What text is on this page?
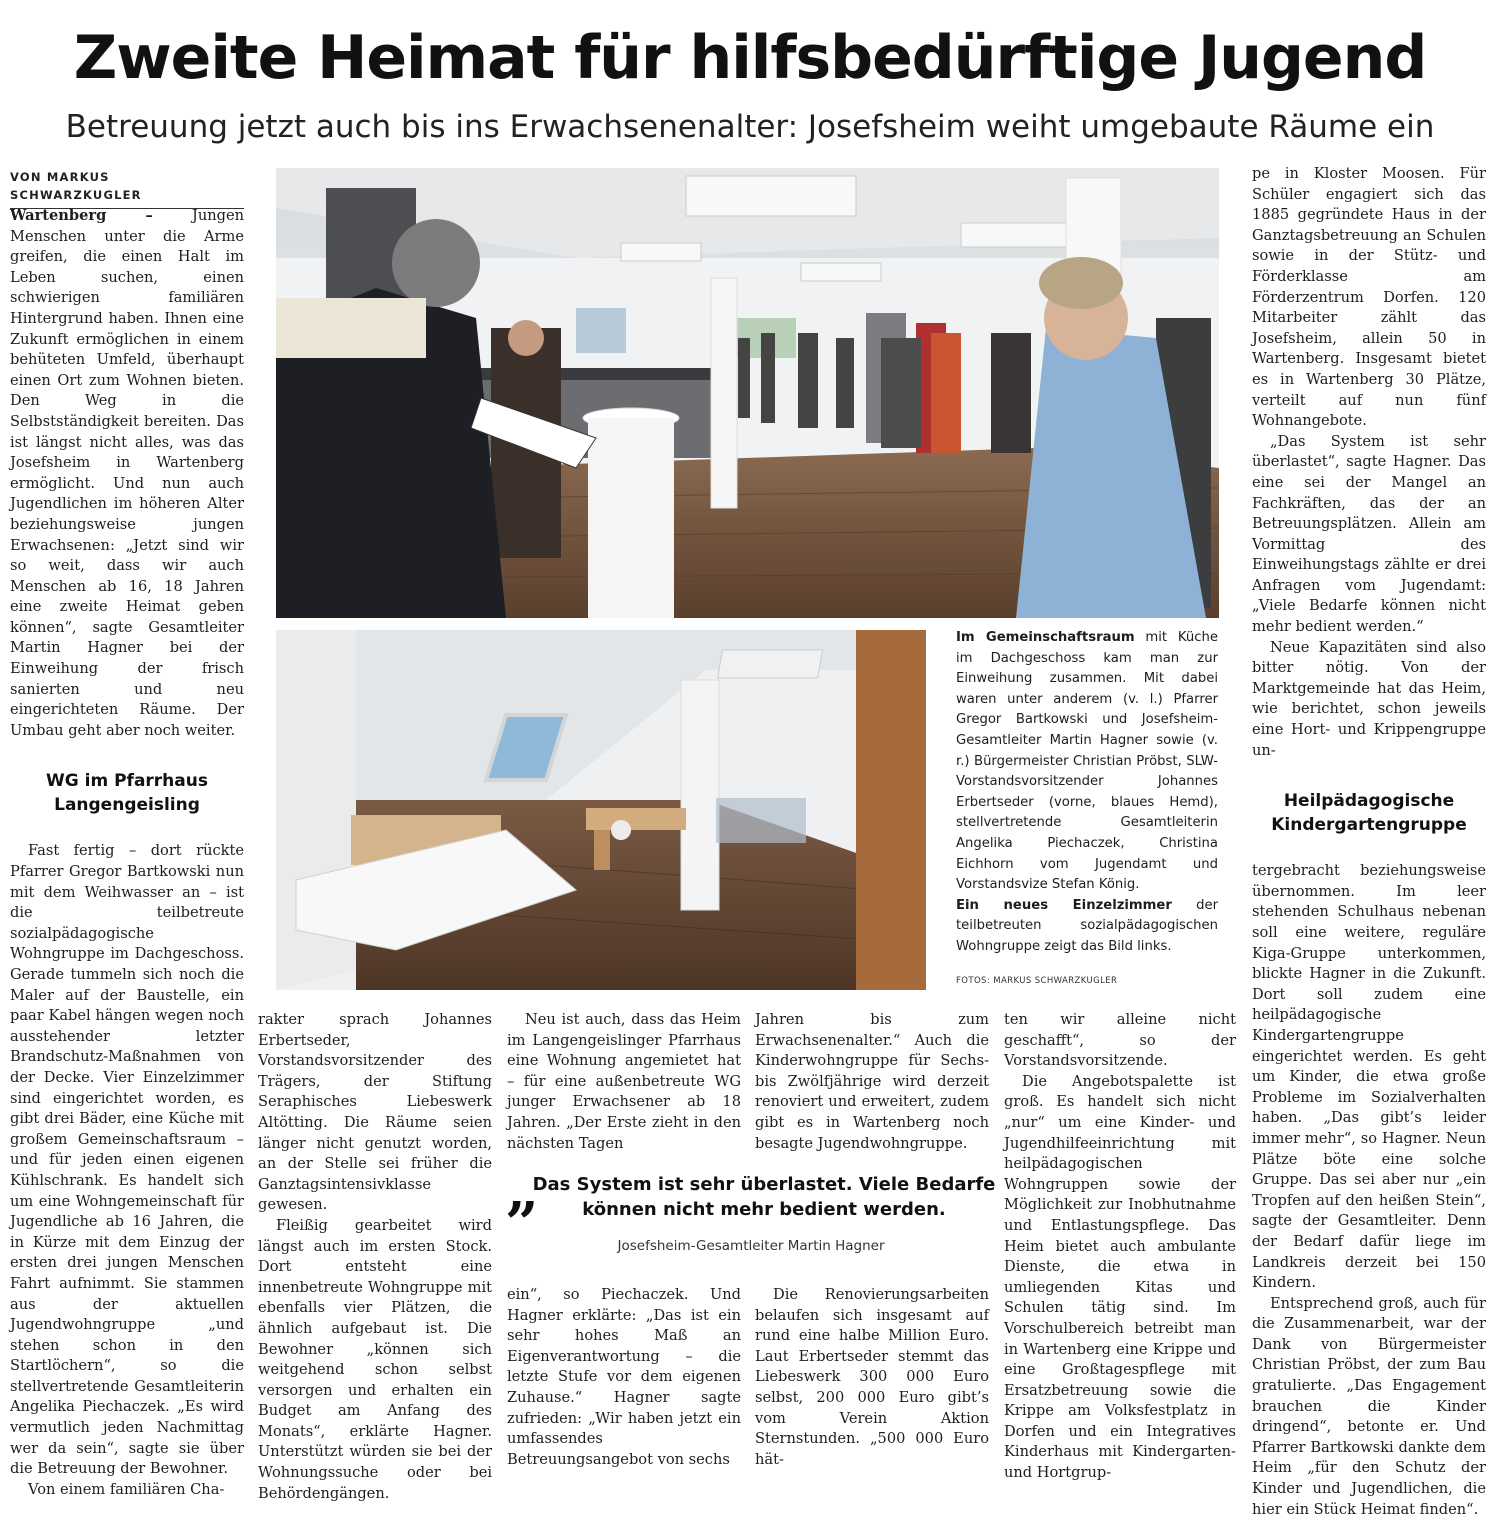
Zweite Heimat für hilfsbedürftige Jugend
Betreuung jetzt auch bis ins Erwachsenenalter: Josefsheim weiht umgebaute Räume ein
VON MARKUS SCHWARZKUGLER

Wartenberg – Jungen Menschen unter die Arme greifen, die einen Halt im Leben suchen, einen schwierigen familiären Hintergrund haben. Ihnen eine Zukunft ermöglichen in einem behüteten Umfeld, überhaupt einen Ort zum Wohnen bieten. Den Weg in die Selbstständigkeit bereiten. Das ist längst nicht alles, was das Josefsheim in Wartenberg ermöglicht. Und nun auch Jugendlichen im höheren Alter beziehungsweise jungen Erwachsenen: „Jetzt sind wir so weit, dass wir auch Menschen ab 16, 18 Jahren eine zweite Heimat geben können“, sagte Gesamtleiter Martin Hagner bei der Einweihung der frisch sanierten und neu eingerichteten Räume. Der Umbau geht aber noch weiter.

WG im Pfarrhaus
Langengeisling

Fast fertig – dort rückte Pfarrer Gregor Bartkowski nun mit dem Weihwasser an – ist die teilbetreute sozialpädagogische Wohngruppe im Dachgeschoss. Gerade tummeln sich noch die Maler auf der Baustelle, ein paar Kabel hängen wegen noch ausstehender letzter Brandschutz-Maßnahmen von der Decke. Vier Einzelzimmer sind eingerichtet worden, es gibt drei Bäder, eine Küche mit großem Gemeinschaftsraum – und für jeden einen eigenen Kühlschrank. Es handelt sich um eine Wohngemeinschaft für Jugendliche ab 16 Jahren, die in Kürze mit dem Einzug der ersten drei jungen Menschen Fahrt aufnimmt. Sie stammen aus der aktuellen Jugendwohngruppe „und stehen schon in den Startlöchern“, so die stellvertretende Gesamtleiterin Angelika Piechaczek. „Es wird vermutlich jeden Nachmittag wer da sein“, sagte sie über die Betreuung der Bewohner.

Von einem familiären Cha-

Im Gemeinschaftsraum mit Küche im Dachgeschoss kam man zur Einweihung zusammen. Mit dabei waren unter anderem (v. l.) Pfarrer Gregor Bartkowski und Josefsheim-Gesamtleiter Martin Hagner sowie (v. r.) Bürgermeister Christian Pröbst, SLW-Vorstandsvorsitzender Johannes Erbertseder (vorne, blaues Hemd), stellvertretende Gesamtleiterin Angelika Piechaczek, Christina Eichhorn vom Jugendamt und Vorstandsvize Stefan König.
Ein neues Einzelzimmer der teilbetreuten sozialpädagogischen Wohngruppe zeigt das Bild links.
FOTOS: MARKUS SCHWARZKUGLER

rakter sprach Johannes Erbertseder, Vorstandsvorsitzender des Trägers, der Stiftung Seraphisches Liebeswerk Altötting. Die Räume seien länger nicht genutzt worden, an der Stelle sei früher die Ganztagsintensivklasse gewesen.

Fleißig gearbeitet wird längst auch im ersten Stock. Dort entsteht eine innenbetreute Wohngruppe mit ebenfalls vier Plätzen, die ähnlich aufgebaut ist. Die Bewohner „können sich weitgehend schon selbst versorgen und erhalten ein Budget am Anfang des Monats“, erklärte Hagner. Unterstützt würden sie bei der Wohnungssuche oder bei Behördengängen.

Neu ist auch, dass das Heim im Langengeislinger Pfarrhaus eine Wohnung angemietet hat – für eine außenbetreute WG junger Erwachsener ab 18 Jahren. „Der Erste zieht in den nächsten Tagen

ein“, so Piechaczek. Und Hagner erklärte: „Das ist ein sehr hohes Maß an Eigenverantwortung – die letzte Stufe vor dem eigenen Zuhause.“ Hagner sagte zufrieden: „Wir haben jetzt ein umfassendes Betreuungsangebot von sechs

Jahren bis zum Erwachsenenalter.“ Auch die Kinderwohngruppe für Sechs- bis Zwölfjährige wird derzeit renoviert und erweitert, zudem gibt es in Wartenberg noch besagte Jugendwohngruppe.

Die Renovierungsarbeiten belaufen sich insgesamt auf rund eine halbe Million Euro. Laut Erbertseder stemmt das Liebeswerk 300 000 Euro selbst, 200 000 Euro gibt’s vom Verein Aktion Sternstunden. „500 000 Euro hät-

„
Das System ist sehr überlastet. Viele Bedarfe können nicht mehr bedient werden.
Josefsheim-Gesamtleiter Martin Hagner

ten wir alleine nicht geschafft“, so der Vorstandsvorsitzende.

Die Angebotspalette ist groß. Es handelt sich nicht „nur“ um eine Kinder- und Jugendhilfeeinrichtung mit heilpädagogischen Wohngruppen sowie der Möglichkeit zur Inobhutnahme und Entlastungspflege. Das Heim bietet auch ambulante Dienste, die etwa in umliegenden Kitas und Schulen tätig sind. Im Vorschulbereich betreibt man in Wartenberg eine Krippe und eine Großtagespflege mit Ersatzbetreuung sowie die Krippe am Volksfestplatz in Dorfen und ein Integratives Kinderhaus mit Kindergarten- und Hortgrup-

pe in Kloster Moosen. Für Schüler engagiert sich das 1885 gegründete Haus in der Ganztagsbetreuung an Schulen sowie in der Stütz- und Förderklasse am Förderzentrum Dorfen. 120 Mitarbeiter zählt das Josefsheim, allein 50 in Wartenberg. Insgesamt bietet es in Wartenberg 30 Plätze, verteilt auf nun fünf Wohnangebote.

„Das System ist sehr überlastet“, sagte Hagner. Das eine sei der Mangel an Fachkräften, das der an Betreuungsplätzen. Allein am Vormittag des Einweihungstags zählte er drei Anfragen vom Jugendamt: „Viele Bedarfe können nicht mehr bedient werden.“

Neue Kapazitäten sind also bitter nötig. Von der Marktgemeinde hat das Heim, wie berichtet, schon jeweils eine Hort- und Krippengruppe un-

Heilpädagogische
Kindergartengruppe

tergebracht beziehungsweise übernommen. Im leer stehenden Schulhaus nebenan soll eine weitere, reguläre Kiga-Gruppe unterkommen, blickte Hagner in die Zukunft. Dort soll zudem eine heilpädagogische Kindergartengruppe eingerichtet werden. Es geht um Kinder, die etwa große Probleme im Sozialverhalten haben. „Das gibt’s leider immer mehr“, so Hagner. Neun Plätze böte eine solche Gruppe. Das sei aber nur „ein Tropfen auf den heißen Stein“, sagte der Gesamtleiter. Denn der Bedarf dafür liege im Landkreis derzeit bei 150 Kindern.

Entsprechend groß, auch für die Zusammenarbeit, war der Dank von Bürgermeister Christian Pröbst, der zum Bau gratulierte. „Das Engagement brauchen die Kinder dringend“, betonte er. Und Pfarrer Bartkowski dankte dem Heim „für den Schutz der Kinder und Jugendlichen, die hier ein Stück Heimat finden“.
